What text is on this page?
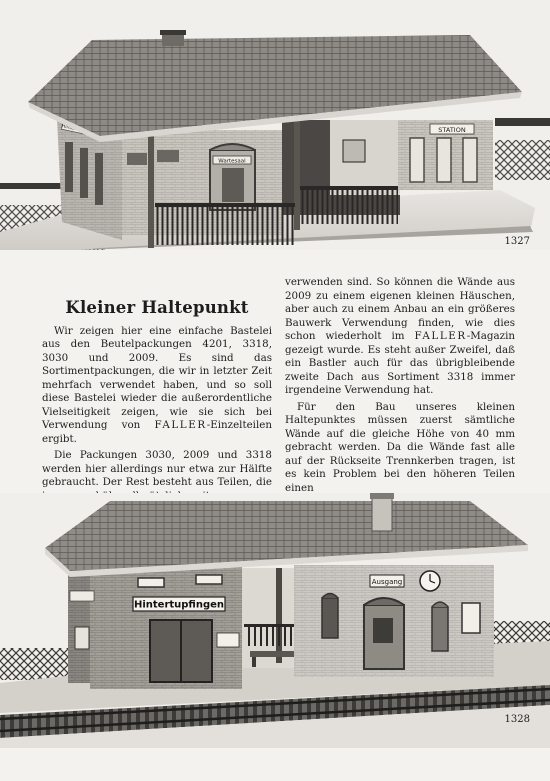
Wartesaal
STATION
1327
Kleiner Haltepunkt

Wir zeigen hier eine einfache Bastelei aus den Beutelpackungen 4201, 3318, 3030 und 2009. Es sind das Sortimentpackungen, die wir in letzter Zeit mehrfach verwendet haben, und so soll diese Bastelei wieder die außerordentliche Vielseitigkeit zeigen, wie sie sich bei Verwendung von FALLER-Einzelteilen ergibt.

Die Packungen 3030, 2009 und 3318 werden hier allerdings nur etwa zur Hälfte gebraucht. Der Rest besteht aus Teilen, die

verwenden sind. So können die Wände aus 2009 zu einem eigenen kleinen Häuschen, aber auch zu einem Anbau an ein größeres Bauwerk Verwendung finden, wie dies schon wiederholt im FALLER-Magazin gezeigt wurde. Es steht außer Zweifel, daß ein Bastler auch für das übrigbleibende zweite Dach aus Sortiment 3318 immer irgendeine Verwendung hat.

Für den Bau unseres kleinen Haltepunktes müssen zuerst sämtliche Wände auf die gleiche Höhe von 40 mm gebracht werden. Da die Wände fast alle auf der Rückseite Trennkerben tragen, ist es kein Problem bei den höheren Teilen einen

Hintertupfingen
Ausgang
1328
